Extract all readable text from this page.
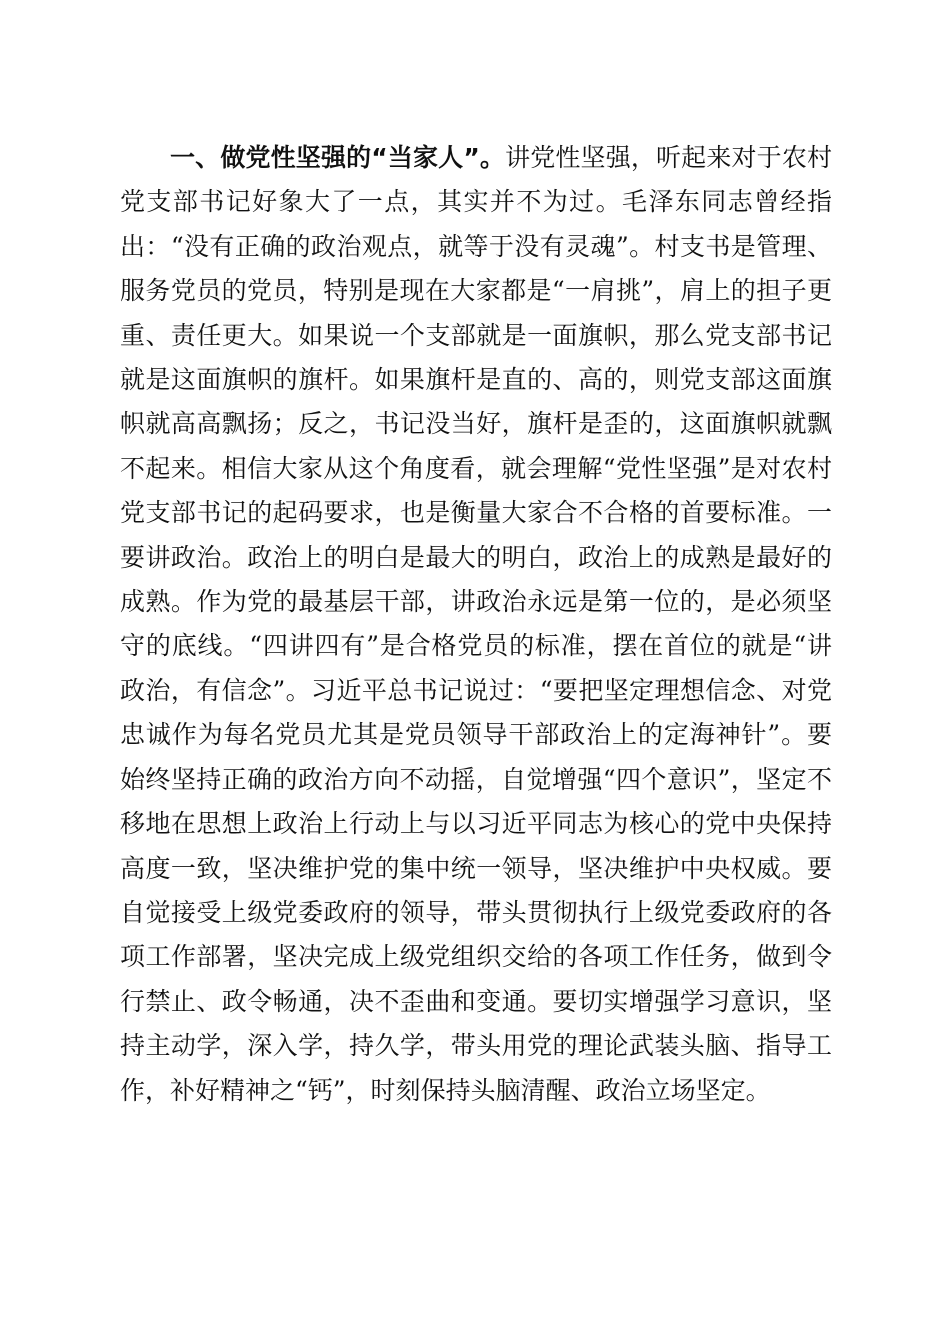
一、做党性坚强的“当家人”。讲党性坚强，听起来对于农村党支部书记好象大了一点，其实并不为过。毛泽东同志曾经指出：“没有正确的政治观点，就等于没有灵魂”。村支书是管理、服务党员的党员，特别是现在大家都是“一肩挑”，肩上的担子更重、责任更大。如果说一个支部就是一面旗帜，那么党支部书记就是这面旗帜的旗杆。如果旗杆是直的、高的，则党支部这面旗帜就高高飘扬；反之，书记没当好，旗杆是歪的，这面旗帜就飘不起来。相信大家从这个角度看，就会理解“党性坚强”是对农村党支部书记的起码要求，也是衡量大家合不合格的首要标准。一要讲政治。政治上的明白是最大的明白，政治上的成熟是最好的成熟。作为党的最基层干部，讲政治永远是第一位的，是必须坚守的底线。“四讲四有”是合格党员的标准，摆在首位的就是“讲政治，有信念”。习近平总书记说过：“要把坚定理想信念、对党忠诚作为每名党员尤其是党员领导干部政治上的定海神针”。要始终坚持正确的政治方向不动摇，自觉增强“四个意识”，坚定不移地在思想上政治上行动上与以习近平同志为核心的党中央保持高度一致，坚决维护党的集中统一领导，坚决维护中央权威。要自觉接受上级党委政府的领导，带头贯彻执行上级党委政府的各项工作部署，坚决完成上级党组织交给的各项工作任务，做到令行禁止、政令畅通，决不歪曲和变通。要切实增强学习意识，坚持主动学，深入学，持久学，带头用党的理论武装头脑、指导工作，补好精神之“钙”，时刻保持头脑清醒、政治立场坚定。
